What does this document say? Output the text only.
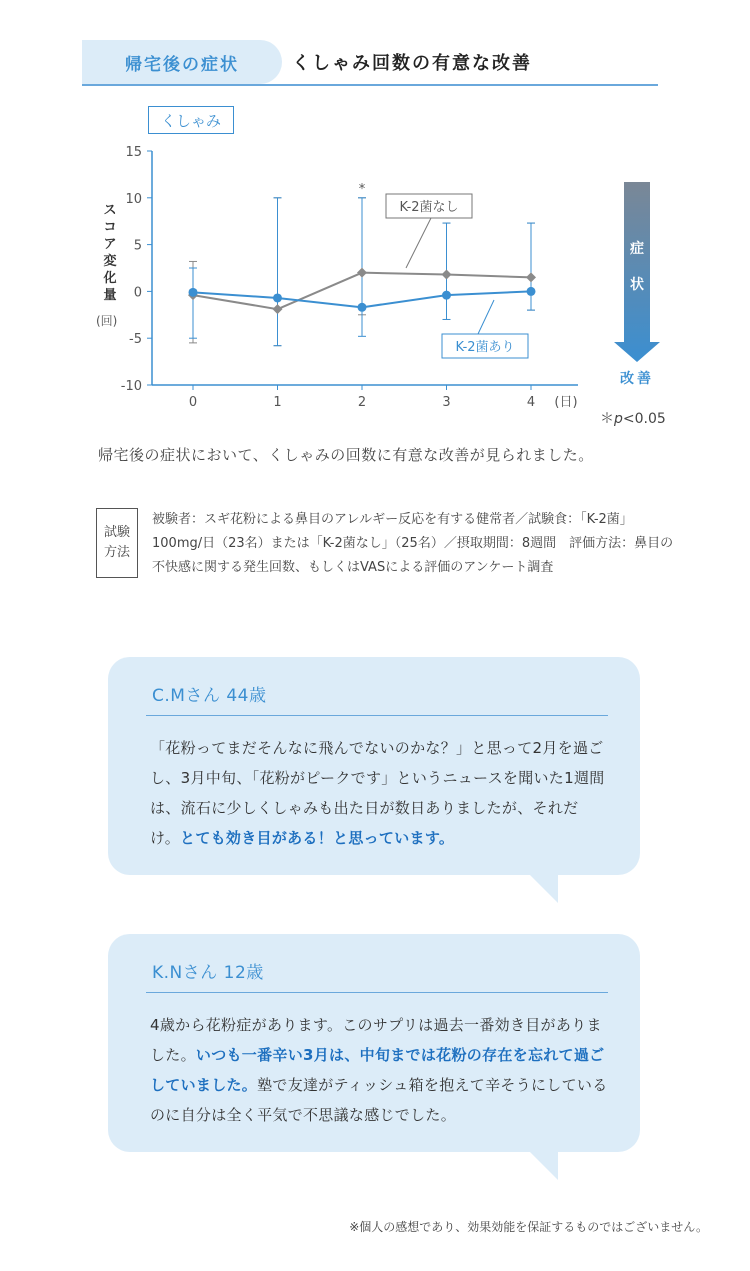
帰宅後の症状	くしゃみ回数の有意な改善
くしゃみ
ス
コ
ア
変
化
量
(回)
15
10
5
0
-5
-10
0	1	2	3	4 (日)
*
K-2菌なし
K-2菌あり
症
状
改善
＊p<0.05
帰宅後の症状において、くしゃみの回数に有意な改善が見られました。
試験
方法
被験者：スギ花粉による鼻目のアレルギー反応を有する健常者／試験食：「K-2菌」100mg/日（23名）または「K-2菌なし」（25名）／摂取期間：8週間　評価方法：鼻目の不快感に関する発生回数、もしくはVASによる評価のアンケート調査
C.Mさん 44歳
「花粉ってまだそんなに飛んでないのかな？」と思って2月を過ごし、3月中旬、「花粉がピークです」というニュースを聞いた1週間は、流石に少しくしゃみも出た日が数日ありましたが、それだけ。とても効き目がある！と思っています。
K.Nさん 12歳
4歳から花粉症があります。このサプリは過去一番効き目がありました。いつも一番辛い3月は、中旬までは花粉の存在を忘れて過ごしていました。塾で友達がティッシュ箱を抱えて辛そうにしているのに自分は全く平気で不思議な感じでした。
※個人の感想であり、効果効能を保証するものではございません。
